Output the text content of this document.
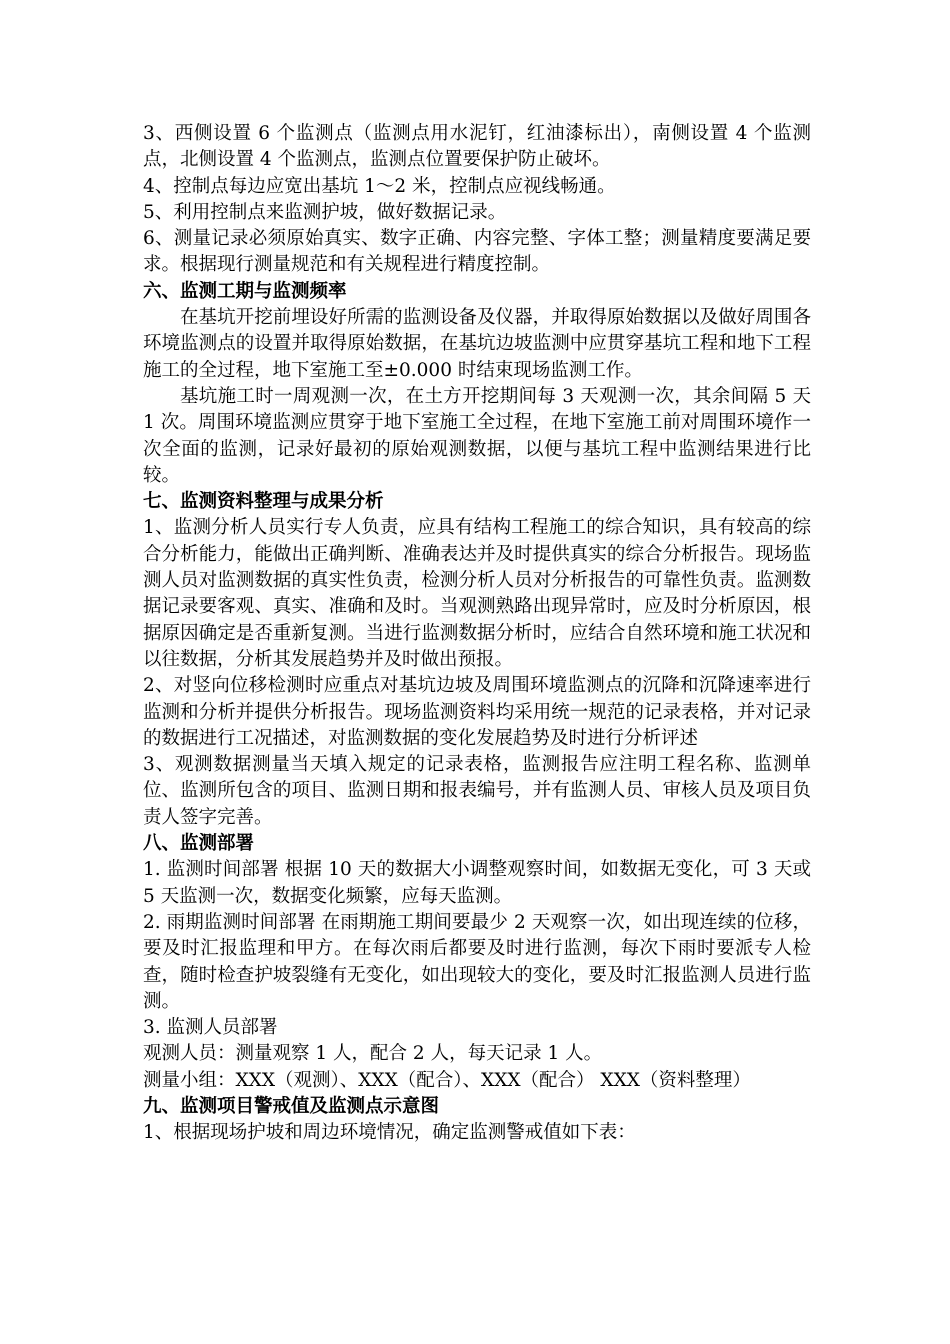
3、西侧设置 6 个监测点（监测点用水泥钉，红油漆标出），南侧设置 4 个监测点，北侧设置 4 个监测点，监测点位置要保护防止破坏。

4、控制点每边应宽出基坑 1～2 米，控制点应视线畅通。

5、利用控制点来监测护坡，做好数据记录。

6、测量记录必须原始真实、数字正确、内容完整、字体工整；测量精度要满足要求。根据现行测量规范和有关规程进行精度控制。

六、监测工期与监测频率

在基坑开挖前埋设好所需的监测设备及仪器，并取得原始数据以及做好周围各环境监测点的设置并取得原始数据，在基坑边坡监测中应贯穿基坑工程和地下工程施工的全过程，地下室施工至±0.000 时结束现场监测工作。

基坑施工时一周观测一次，在土方开挖期间每 3 天观测一次，其余间隔 5 天 1 次。周围环境监测应贯穿于地下室施工全过程，在地下室施工前对周围环境作一次全面的监测，记录好最初的原始观测数据，以便与基坑工程中监测结果进行比较。

七、监测资料整理与成果分析

1、监测分析人员实行专人负责，应具有结构工程施工的综合知识，具有较高的综合分析能力，能做出正确判断、准确表达并及时提供真实的综合分析报告。现场监测人员对监测数据的真实性负责，检测分析人员对分析报告的可靠性负责。监测数据记录要客观、真实、准确和及时。当观测熟路出现异常时，应及时分析原因，根据原因确定是否重新复测。当进行监测数据分析时，应结合自然环境和施工状况和以往数据，分析其发展趋势并及时做出预报。

2、对竖向位移检测时应重点对基坑边坡及周围环境监测点的沉降和沉降速率进行监测和分析并提供分析报告。现场监测资料均采用统一规范的记录表格，并对记录的数据进行工况描述，对监测数据的变化发展趋势及时进行分析评述

3、观测数据测量当天填入规定的记录表格，监测报告应注明工程名称、监测单位、监测所包含的项目、监测日期和报表编号，并有监测人员、审核人员及项目负责人签字完善。

八、监测部署

1. 监测时间部署 根据 10 天的数据大小调整观察时间，如数据无变化，可 3 天或 5 天监测一次，数据变化频繁，应每天监测。

2. 雨期监测时间部署 在雨期施工期间要最少 2 天观察一次，如出现连续的位移，要及时汇报监理和甲方。在每次雨后都要及时进行监测，每次下雨时要派专人检查，随时检查护坡裂缝有无变化，如出现较大的变化，要及时汇报监测人员进行监测。

3. 监测人员部署

观测人员：测量观察 1 人，配合 2 人，每天记录 1 人。

测量小组：XXX（观测）、XXX（配合）、XXX（配合） XXX（资料整理）

九、监测项目警戒值及监测点示意图

1、根据现场护坡和周边环境情况，确定监测警戒值如下表：
